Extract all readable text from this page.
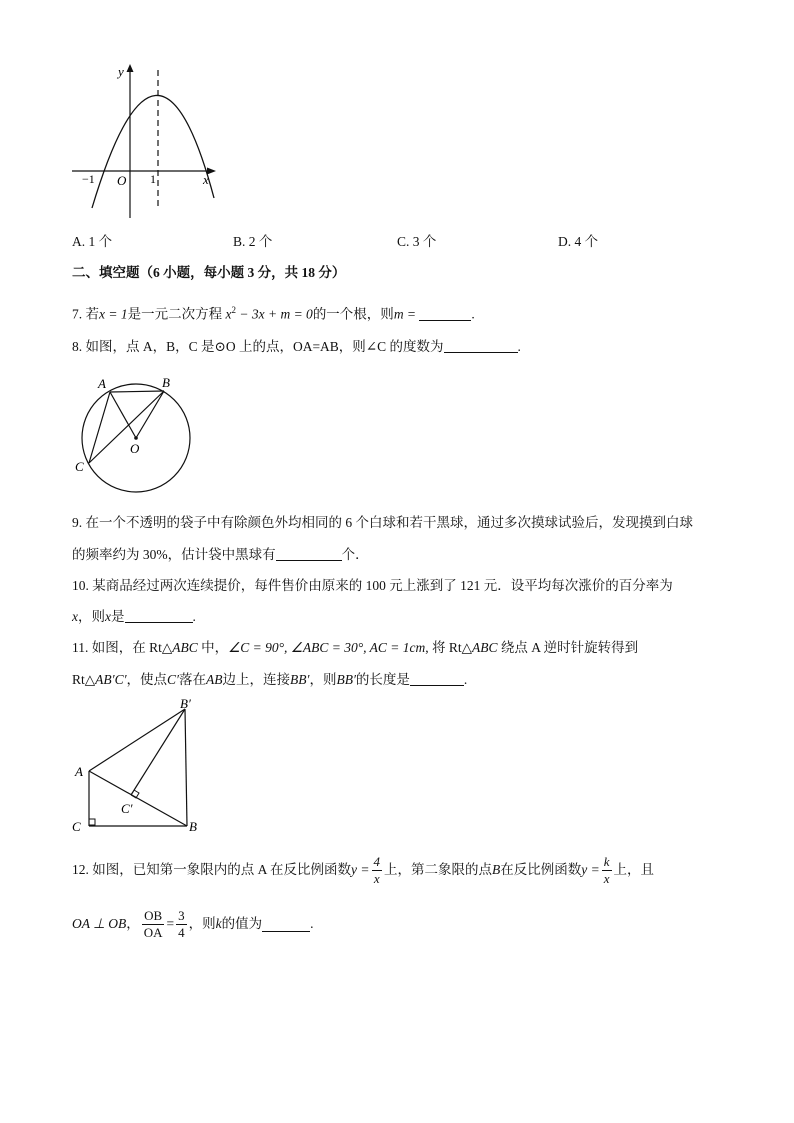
y
x
O
−1	1
A. 1 个	B. 2 个	C. 3 个	D. 4 个
二、填空题（6 小题，每小题 3 分，共 18 分）
7. 若x = 1是一元二次方程 $x^2 - 3x + m = 0$的一个根，则m =	.
8. 如图，点 A，B，C 是⊙O 上的点，OA=AB，则∠C 的度数为	.
A	B
O
C
9. 在一个不透明的袋子中有除颜色外均相同的 6 个白球和若干黑球，通过多次摸球试验后，发现摸到白球
的频率约为 30%，估计袋中黑球有	个．
10. 某商品经过两次连续提价，每件售价由原来的 100 元上涨到了 121 元．设平均每次涨价的百分率为
x，则x是	.
11. 如图，在 Rt△ABC 中，∠C = 90°, ∠ABC = 30°, AC = 1cm, 将 Rt△ABC 绕点 A 逆时针旋转得到
Rt△AB′C′，使点C′落在AB边上，连接BB′，则BB′的长度是	.
B′
A
C′
C	B
12. 如图，已知第一象限内的点 A 在反比例函数$y = \frac{4}{x}$ 上，第二象限的点B在反比例函数$y = \frac{k}{x}$ 上，且
OA ⊥ OB， $\frac{OB}{OA} = \frac{3}{4}$ ，则k的值为	.
